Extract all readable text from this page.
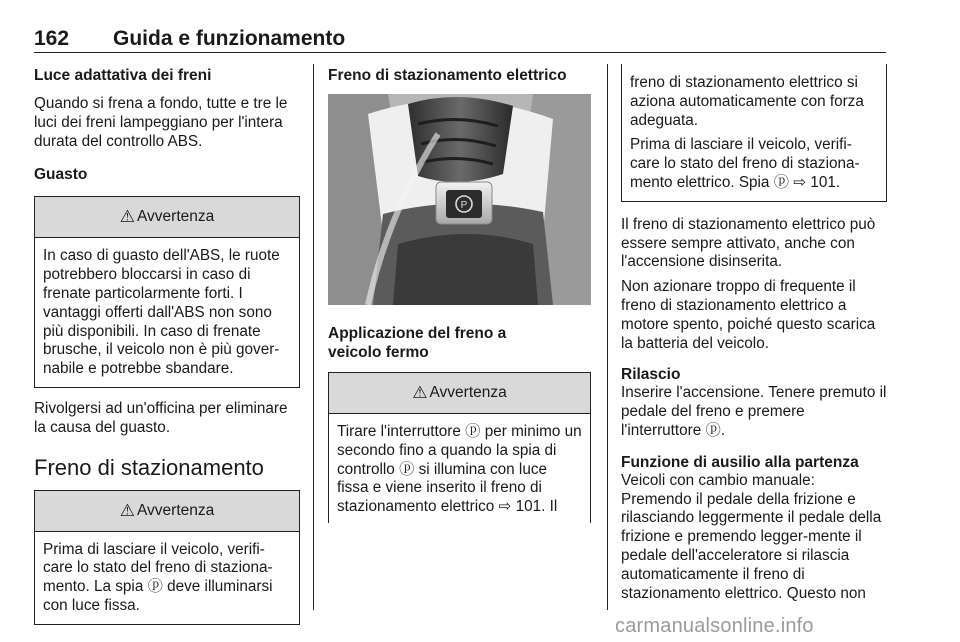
162 Guida e funzionamento

Luce adattativa dei freni

Quando si frena a fondo, tutte e tre le luci dei freni lampeggiano per l'intera durata del controllo ABS.

Guasto

⚠ Avvertenza
In caso di guasto dell'ABS, le ruote potrebbero bloccarsi in caso di frenate particolarmente forti. I vantaggi offerti dall'ABS non sono più disponibili. In caso di frenate brusche, il veicolo non è più gover-nabile e potrebbe sbandare.

Rivolgersi ad un'officina per eliminare la causa del guasto.

Freno di stazionamento

⚠ Avvertenza
Prima di lasciare il veicolo, verifi-care lo stato del freno di staziona-mento. La spia ⓟ deve illuminarsi con luce fissa.

Freno di stazionamento elettrico

P

Applicazione del freno a veicolo fermo

⚠ Avvertenza
Tirare l'interruttore ⓟ per minimo un secondo fino a quando la spia di controllo ⓟ si illumina con luce fissa e viene inserito il freno di stazionamento elettrico ⇨ 101. Il

freno di stazionamento elettrico si aziona automaticamente con forza adeguata.

Prima di lasciare il veicolo, verifi-care lo stato del freno di staziona-mento elettrico. Spia ⓟ ⇨ 101.

Il freno di stazionamento elettrico può essere sempre attivato, anche con l'accensione disinserita.

Non azionare troppo di frequente il freno di stazionamento elettrico a motore spento, poiché questo scarica la batteria del veicolo.

Rilascio

Inserire l'accensione. Tenere premuto il pedale del freno e premere l'interruttore ⓟ.

Funzione di ausilio alla partenza

Veicoli con cambio manuale: Premendo il pedale della frizione e rilasciando leggermente il pedale della frizione e premendo legger-mente il pedale dell'acceleratore si rilascia automaticamente il freno di stazionamento elettrico. Questo non

carmanualsonline.info
